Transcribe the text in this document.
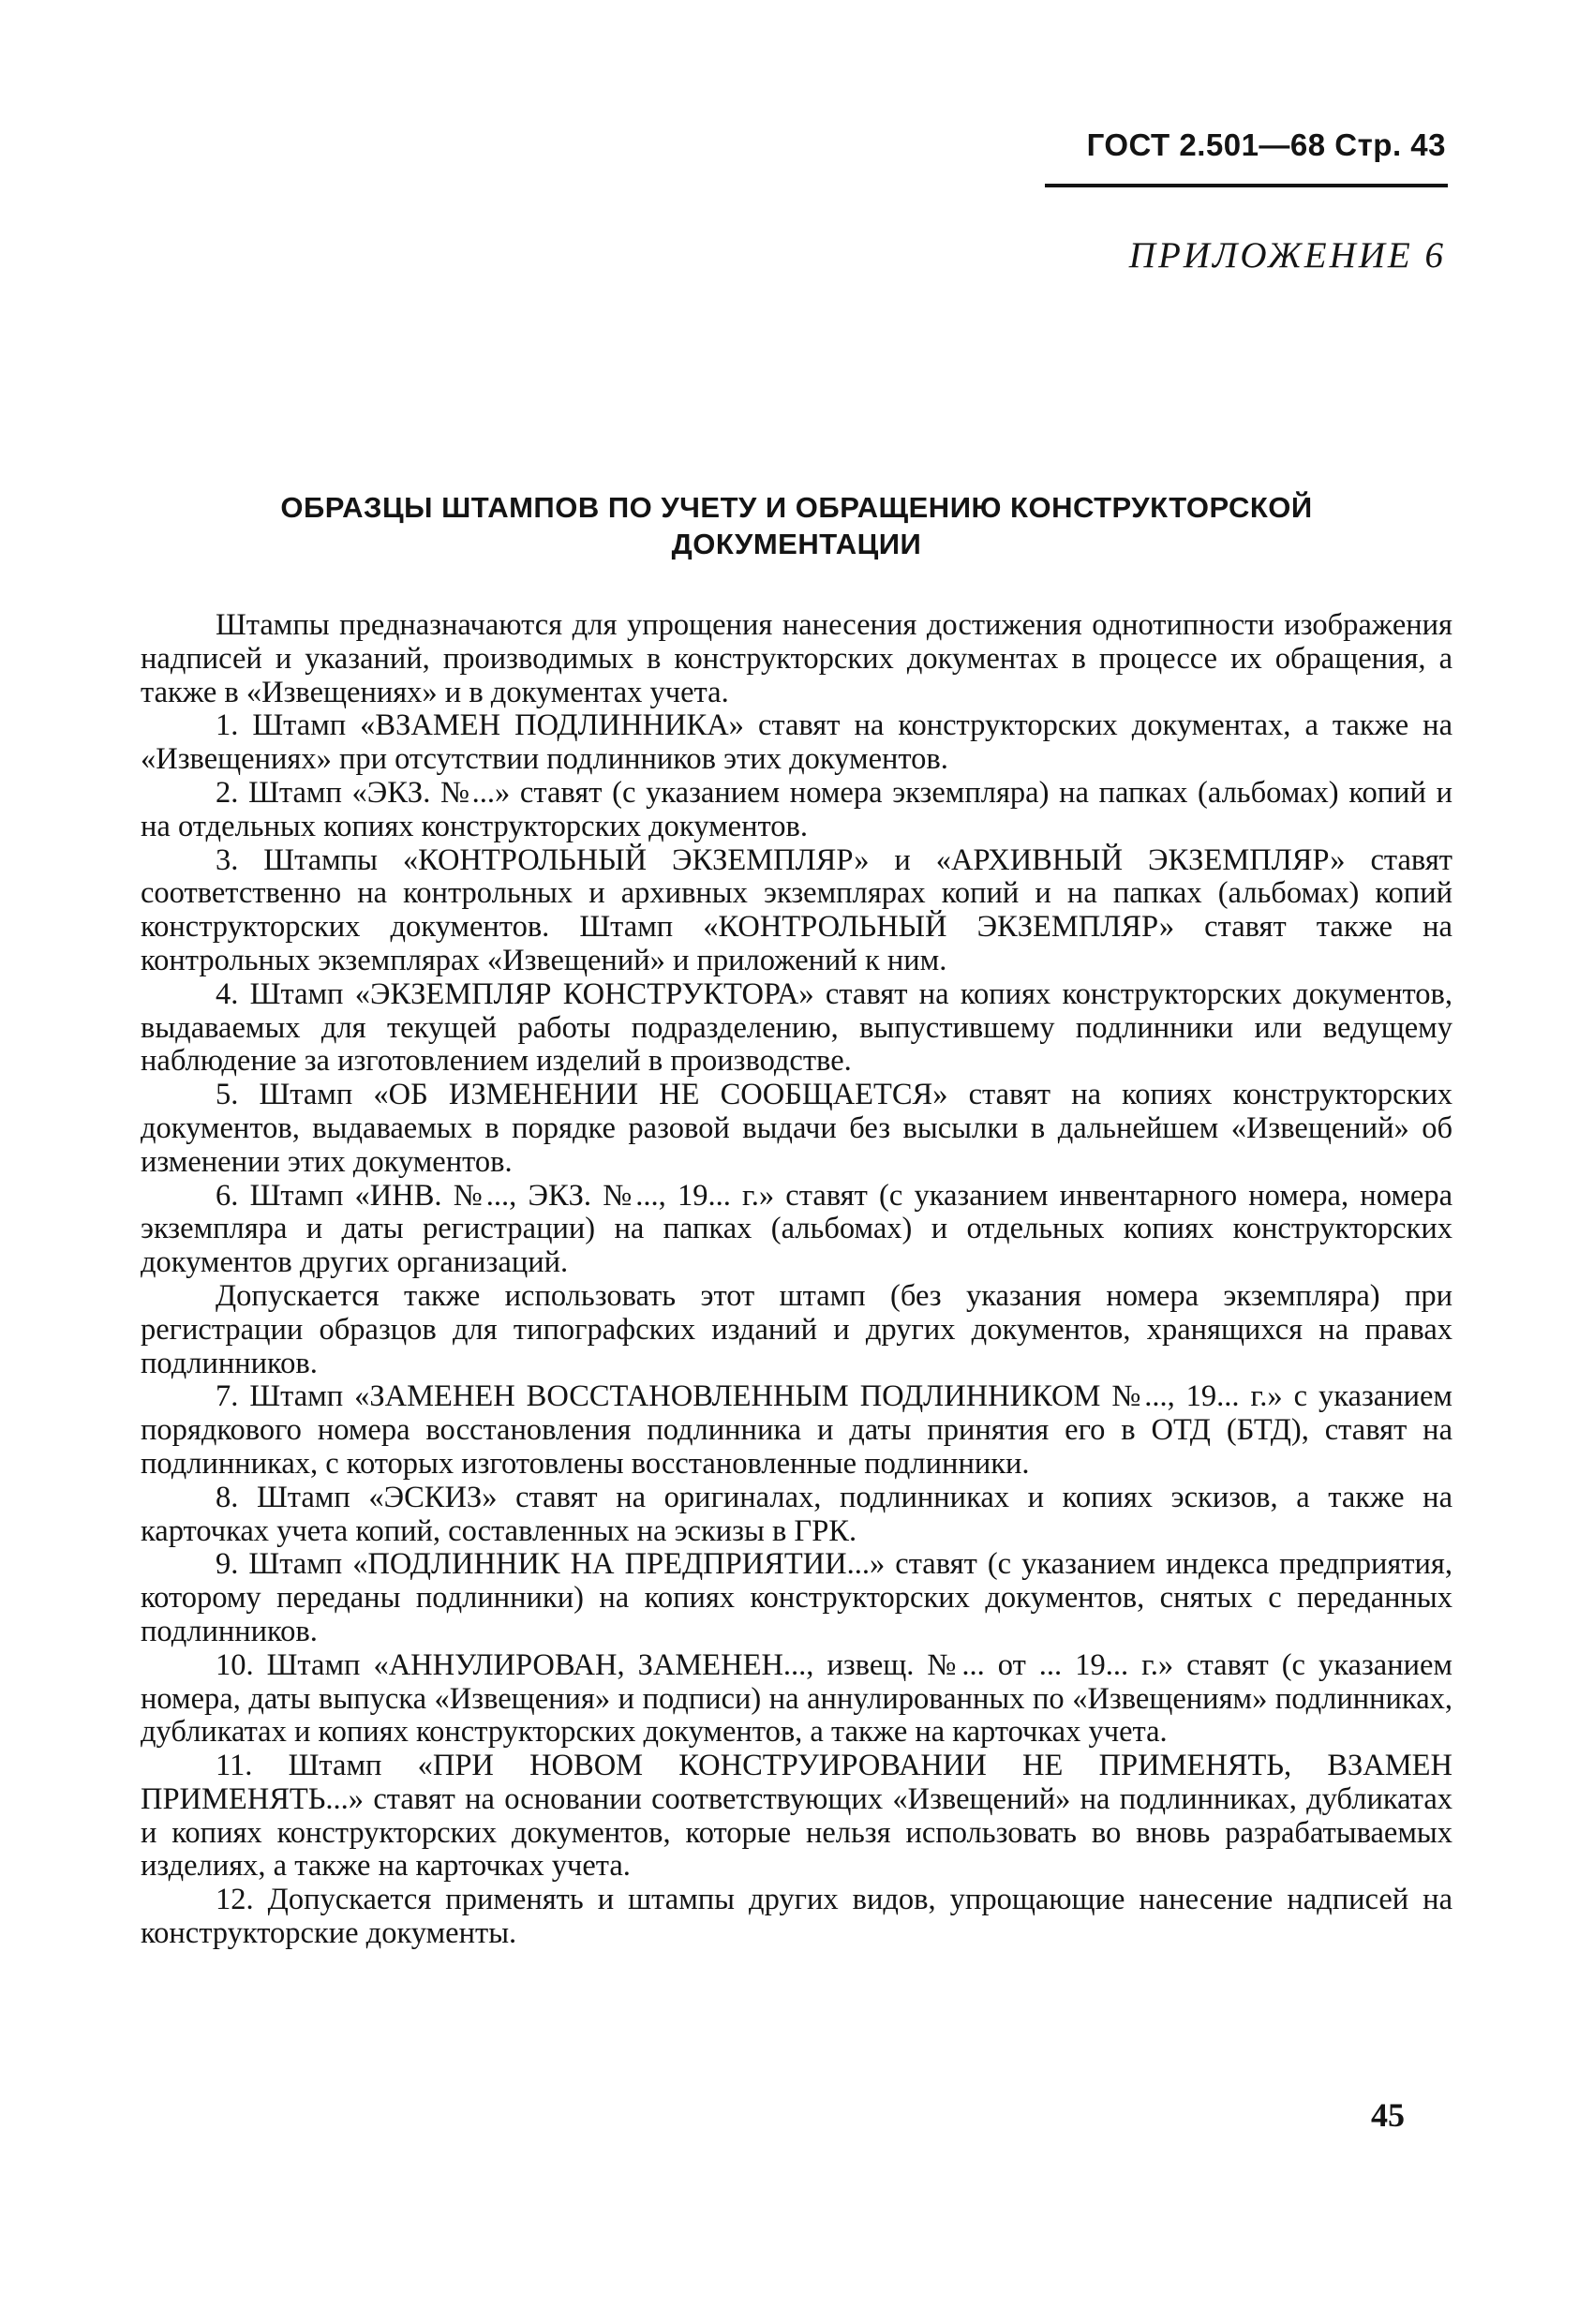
ГОСТ 2.501—68 Стр. 43
ПРИЛОЖЕНИЕ 6
ОБРАЗЦЫ ШТАМПОВ ПО УЧЕТУ И ОБРАЩЕНИЮ КОНСТРУКТОРСКОЙ
ДОКУМЕНТАЦИИ

Штампы предназначаются для упрощения нанесения достижения однотипности изображения надписей и указаний, производимых в конструкторских документах в процессе их обращения, а также в «Извещениях» и в документах учета.

1. Штамп «ВЗАМЕН ПОДЛИННИКА» ставят на конструкторских документах, а также на «Извещениях» при отсутствии подлинников этих документов.

2. Штамп «ЭКЗ. №...» ставят (с указанием номера экземпляра) на папках (альбомах) копий и на отдельных копиях конструкторских документов.

3. Штампы «КОНТРОЛЬНЫЙ ЭКЗЕМПЛЯР» и «АРХИВНЫЙ ЭКЗЕМПЛЯР» ставят соответственно на контрольных и архивных экземплярах копий и на папках (альбомах) копий конструкторских документов. Штамп «КОНТРОЛЬНЫЙ ЭКЗЕМПЛЯР» ставят также на контрольных экземплярах «Извещений» и приложений к ним.

4. Штамп «ЭКЗЕМПЛЯР КОНСТРУКТОРА» ставят на копиях конструкторских документов, выдаваемых для текущей работы подразделению, выпустившему подлинники или ведущему наблюдение за изготовлением изделий в производстве.

5. Штамп «ОБ ИЗМЕНЕНИИ НЕ СООБЩАЕТСЯ» ставят на копиях конструкторских документов, выдаваемых в порядке разовой выдачи без высылки в дальнейшем «Извещений» об изменении этих документов.

6. Штамп «ИНВ. №..., ЭКЗ. №..., 19... г.» ставят (с указанием инвентарного номера, номера экземпляра и даты регистрации) на папках (альбомах) и отдельных копиях конструкторских документов других организаций.

Допускается также использовать этот штамп (без указания номера экземпляра) при регистрации образцов для типографских изданий и других документов, хранящихся на правах подлинников.

7. Штамп «ЗАМЕНЕН ВОССТАНОВЛЕННЫМ ПОДЛИННИКОМ №..., 19... г.» с указанием порядкового номера восстановления подлинника и даты принятия его в ОТД (БТД), ставят на подлинниках, с которых изготовлены восстановленные подлинники.

8. Штамп «ЭСКИЗ» ставят на оригиналах, подлинниках и копиях эскизов, а также на карточках учета копий, составленных на эскизы в ГРК.

9. Штамп «ПОДЛИННИК НА ПРЕДПРИЯТИИ...» ставят (с указанием индекса предприятия, которому переданы подлинники) на копиях конструкторских документов, снятых с переданных подлинников.

10. Штамп «АННУЛИРОВАН, ЗАМЕНЕН..., извещ. №... от ... 19... г.» ставят (с указанием номера, даты выпуска «Извещения» и подписи) на аннулированных по «Извещениям» подлинниках, дубликатах и копиях конструкторских документов, а также на карточках учета.

11. Штамп «ПРИ НОВОМ КОНСТРУИРОВАНИИ НЕ ПРИМЕНЯТЬ, ВЗАМЕН ПРИМЕНЯТЬ...» ставят на основании соответствующих «Извещений» на подлинниках, дубликатах и копиях конструкторских документов, которые нельзя использовать во вновь разрабатываемых изделиях, а также на карточках учета.

12. Допускается применять и штампы других видов, упрощающие нанесение надписей на конструкторские документы.

45
